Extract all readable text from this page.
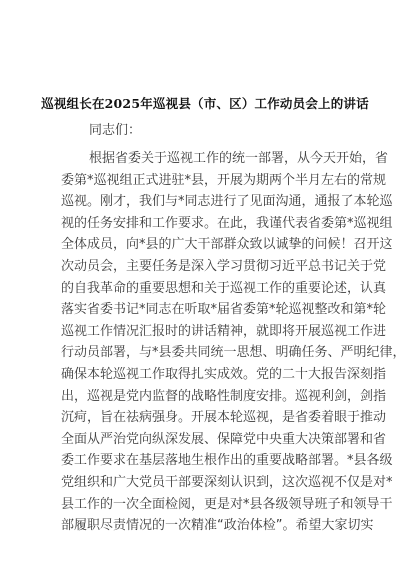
巡视组长在2025年巡视县（市、区）工作动员会上的讲话

同志们：

根据省委关于巡视工作的统一部署，从今天开始，省
委第*巡视组正式进驻*县，开展为期两个半月左右的常规
巡视。刚才，我们与*同志进行了见面沟通，通报了本轮巡
视的任务安排和工作要求。在此，我谨代表省委第*巡视组
全体成员，向*县的广大干部群众致以诚挚的问候！召开这
次动员会，主要任务是深入学习贯彻习近平总书记关于党
的自我革命的重要思想和关于巡视工作的重要论述，认真
落实省委书记*同志在听取*届省委第*轮巡视整改和第*轮
巡视工作情况汇报时的讲话精神，就即将开展巡视工作进
行动员部署，与*县委共同统一思想、明确任务、严明纪律，
确保本轮巡视工作取得扎实成效。党的二十大报告深刻指
出，巡视是党内监督的战略性制度安排。巡视利剑，剑指
沉疴，旨在祛病强身。开展本轮巡视，是省委着眼于推动
全面从严治党向纵深发展、保障党中央重大决策部署和省
委工作要求在基层落地生根作出的重要战略部署。*县各级
党组织和广大党员干部要深刻认识到，这次巡视不仅是对*
县工作的一次全面检阅，更是对*县各级领导班子和领导干
部履职尽责情况的一次精准“政治体检”。希望大家切实
